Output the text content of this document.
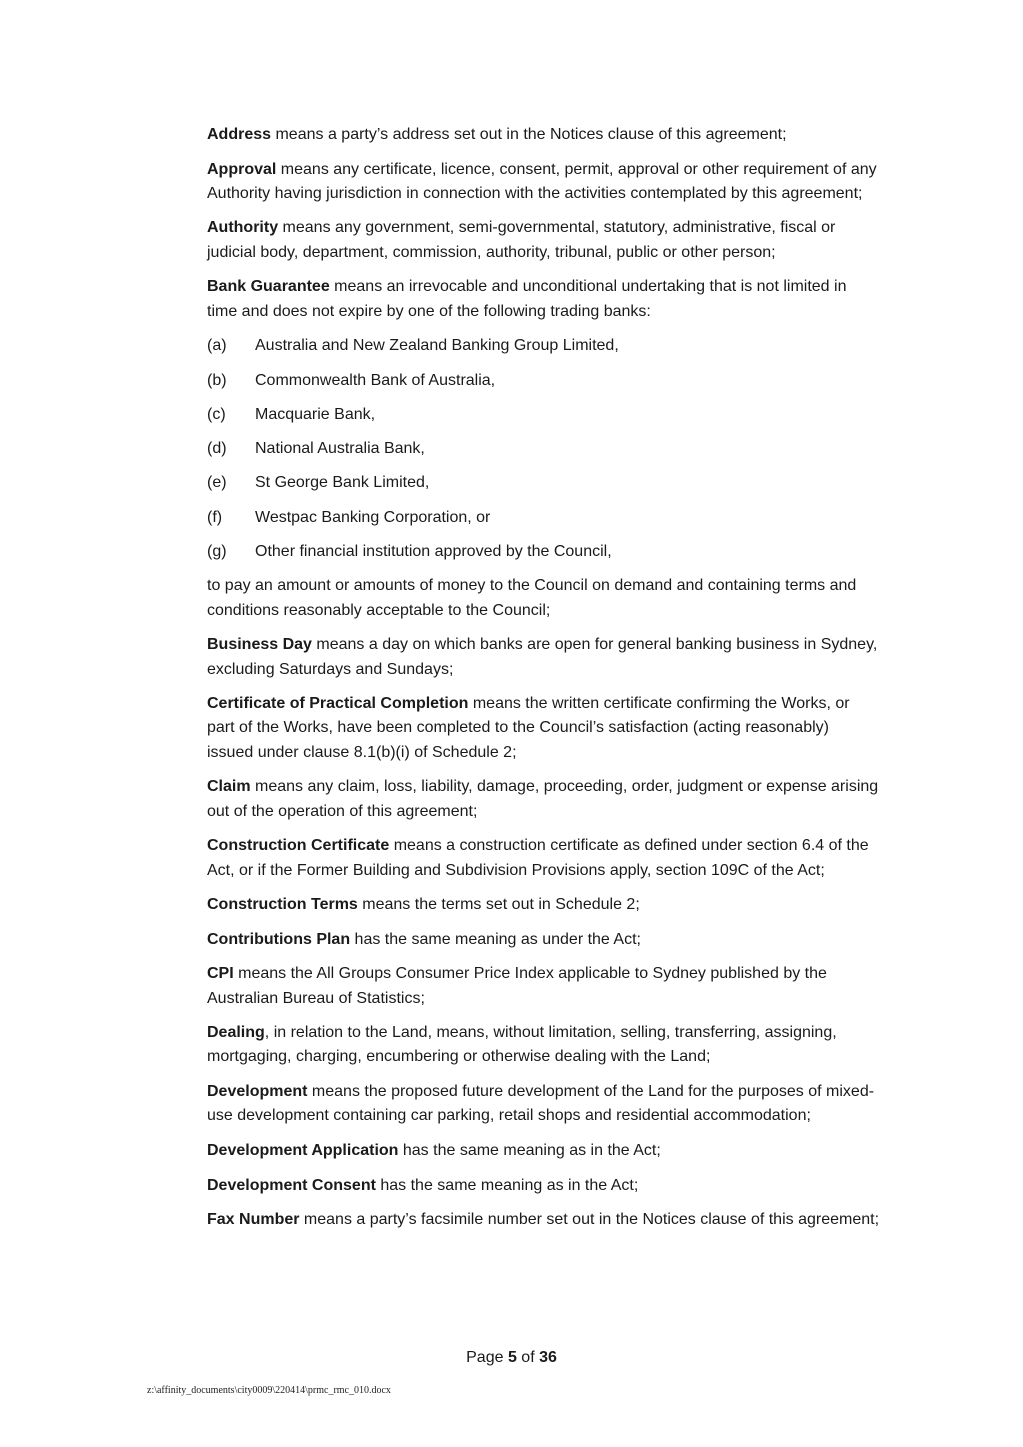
Address means a party’s address set out in the Notices clause of this agreement;

Approval means any certificate, licence, consent, permit, approval or other requirement of any Authority having jurisdiction in connection with the activities contemplated by this agreement;

Authority means any government, semi-governmental, statutory, administrative, fiscal or judicial body, department, commission, authority, tribunal, public or other person;

Bank Guarantee means an irrevocable and unconditional undertaking that is not limited in time and does not expire by one of the following trading banks:

(a)	Australia and New Zealand Banking Group Limited,
(b)	Commonwealth Bank of Australia,
(c)	Macquarie Bank,
(d)	National Australia Bank,
(e)	St George Bank Limited,
(f)	Westpac Banking Corporation, or
(g)	Other financial institution approved by the Council,

to pay an amount or amounts of money to the Council on demand and containing terms and conditions reasonably acceptable to the Council;

Business Day means a day on which banks are open for general banking business in Sydney, excluding Saturdays and Sundays;

Certificate of Practical Completion means the written certificate confirming the Works, or part of the Works, have been completed to the Council’s satisfaction (acting reasonably) issued under clause 8.1(b)(i) of Schedule 2;

Claim means any claim, loss, liability, damage, proceeding, order, judgment or expense arising out of the operation of this agreement;

Construction Certificate means a construction certificate as defined under section 6.4 of the Act, or if the Former Building and Subdivision Provisions apply, section 109C of the Act;

Construction Terms means the terms set out in Schedule 2;

Contributions Plan has the same meaning as under the Act;

CPI means the All Groups Consumer Price Index applicable to Sydney published by the Australian Bureau of Statistics;

Dealing, in relation to the Land, means, without limitation, selling, transferring, assigning, mortgaging, charging, encumbering or otherwise dealing with the Land;

Development means the proposed future development of the Land for the purposes of mixed-use development containing car parking, retail shops and residential accommodation;

Development Application has the same meaning as in the Act;

Development Consent has the same meaning as in the Act;

Fax Number means a party’s facsimile number set out in the Notices clause of this agreement;

Page 5 of 36
z:\affinity_documents\city0009\220414\prmc_rmc_010.docx
